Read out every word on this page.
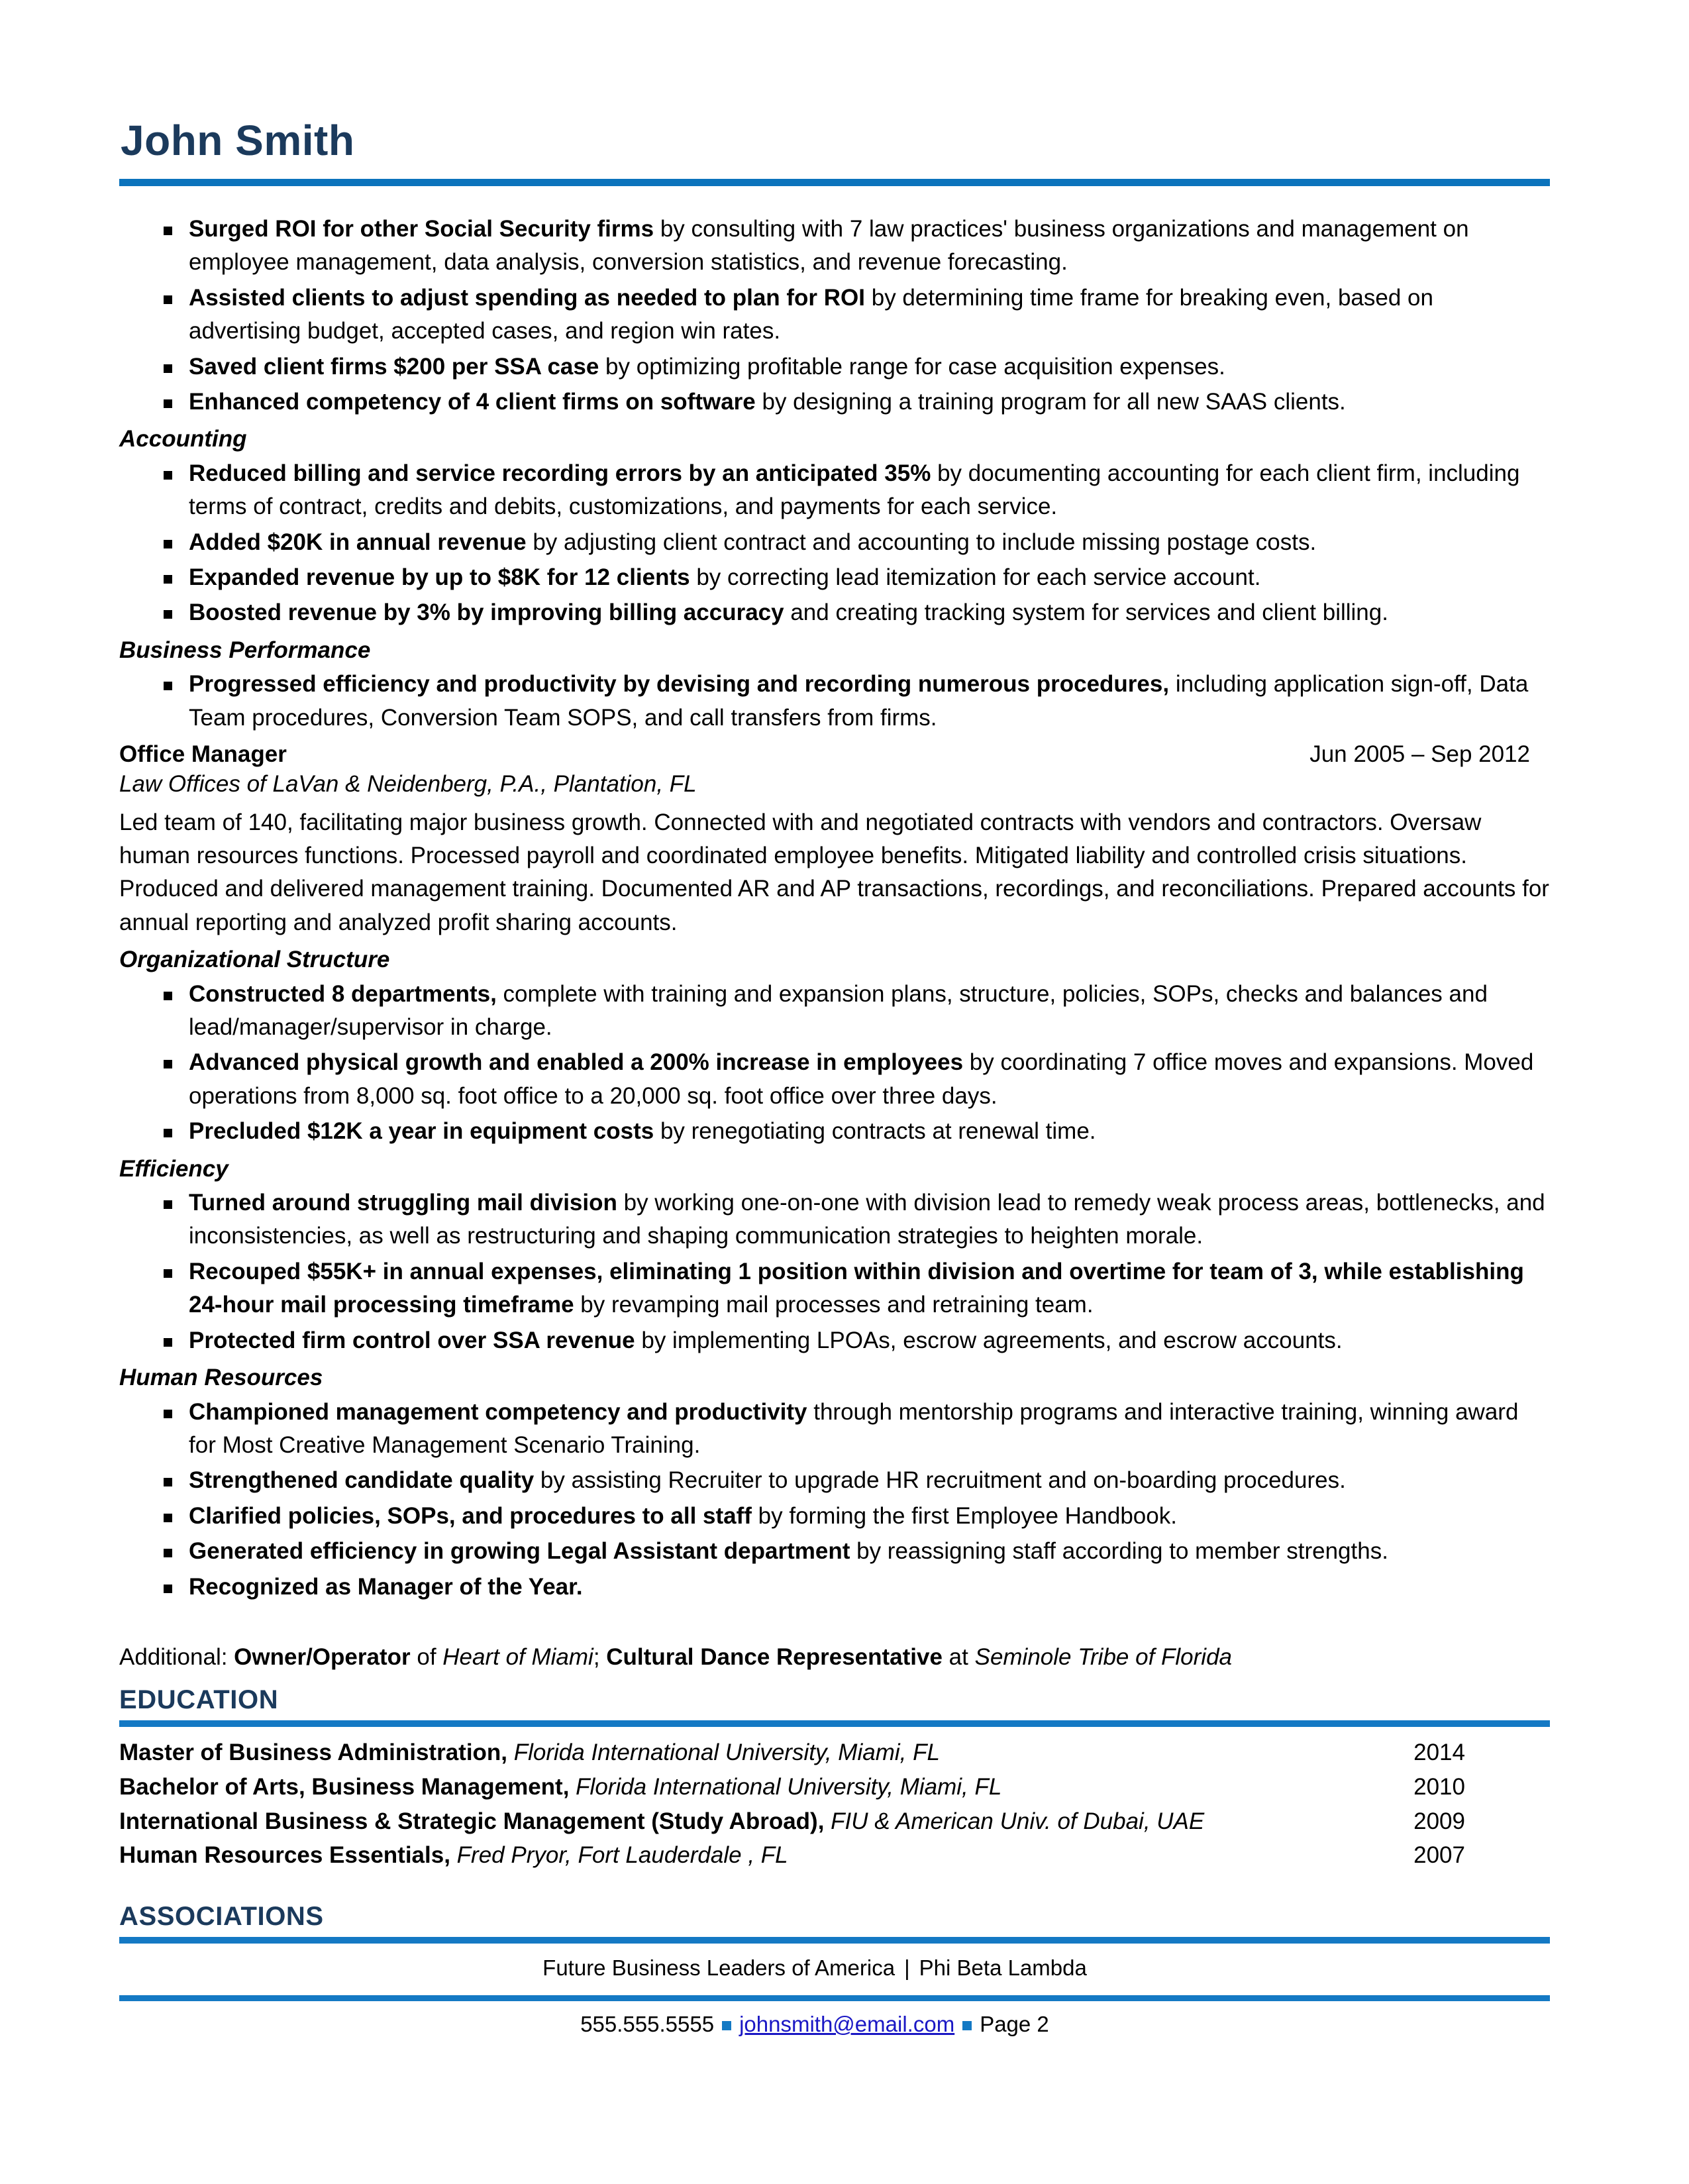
John Smith
Surged ROI for other Social Security firms by consulting with 7 law practices' business organizations and management on employee management, data analysis, conversion statistics, and revenue forecasting.
Assisted clients to adjust spending as needed to plan for ROI by determining time frame for breaking even, based on advertising budget, accepted cases, and region win rates.
Saved client firms $200 per SSA case by optimizing profitable range for case acquisition expenses.
Enhanced competency of 4 client firms on software by designing a training program for all new SAAS clients.
Accounting
Reduced billing and service recording errors by an anticipated 35% by documenting accounting for each client firm, including terms of contract, credits and debits, customizations, and payments for each service.
Added $20K in annual revenue by adjusting client contract and accounting to include missing postage costs.
Expanded revenue by up to $8K for 12 clients by correcting lead itemization for each service account.
Boosted revenue by 3% by improving billing accuracy and creating tracking system for services and client billing.
Business Performance
Progressed efficiency and productivity by devising and recording numerous procedures, including application sign-off, Data Team procedures, Conversion Team SOPS, and call transfers from firms.
Office Manager	Jun 2005 – Sep 2012
Law Offices of LaVan & Neidenberg, P.A., Plantation, FL
Led team of 140, facilitating major business growth. Connected with and negotiated contracts with vendors and contractors. Oversaw human resources functions. Processed payroll and coordinated employee benefits. Mitigated liability and controlled crisis situations. Produced and delivered management training. Documented AR and AP transactions, recordings, and reconciliations. Prepared accounts for annual reporting and analyzed profit sharing accounts.
Organizational Structure
Constructed 8 departments, complete with training and expansion plans, structure, policies, SOPs, checks and balances and lead/manager/supervisor in charge.
Advanced physical growth and enabled a 200% increase in employees by coordinating 7 office moves and expansions. Moved operations from 8,000 sq. foot office to a 20,000 sq. foot office over three days.
Precluded $12K a year in equipment costs by renegotiating contracts at renewal time.
Efficiency
Turned around struggling mail division by working one-on-one with division lead to remedy weak process areas, bottlenecks, and inconsistencies, as well as restructuring and shaping communication strategies to heighten morale.
Recouped $55K+ in annual expenses, eliminating 1 position within division and overtime for team of 3, while establishing 24-hour mail processing timeframe by revamping mail processes and retraining team.
Protected firm control over SSA revenue by implementing LPOAs, escrow agreements, and escrow accounts.
Human Resources
Championed management competency and productivity through mentorship programs and interactive training, winning award for Most Creative Management Scenario Training.
Strengthened candidate quality by assisting Recruiter to upgrade HR recruitment and on-boarding procedures.
Clarified policies, SOPs, and procedures to all staff by forming the first Employee Handbook.
Generated efficiency in growing Legal Assistant department by reassigning staff according to member strengths.
Recognized as Manager of the Year.
Additional: Owner/Operator of Heart of Miami; Cultural Dance Representative at Seminole Tribe of Florida
EDUCATION
Master of Business Administration, Florida International University, Miami, FL	2014
Bachelor of Arts, Business Management, Florida International University, Miami, FL	2010
International Business & Strategic Management (Study Abroad), FIU & American Univ. of Dubai, UAE	2009
Human Resources Essentials, Fred Pryor, Fort Lauderdale , FL	2007
ASSOCIATIONS
Future Business Leaders of America | Phi Beta Lambda
555.555.5555 johnsmith@email.com Page 2
